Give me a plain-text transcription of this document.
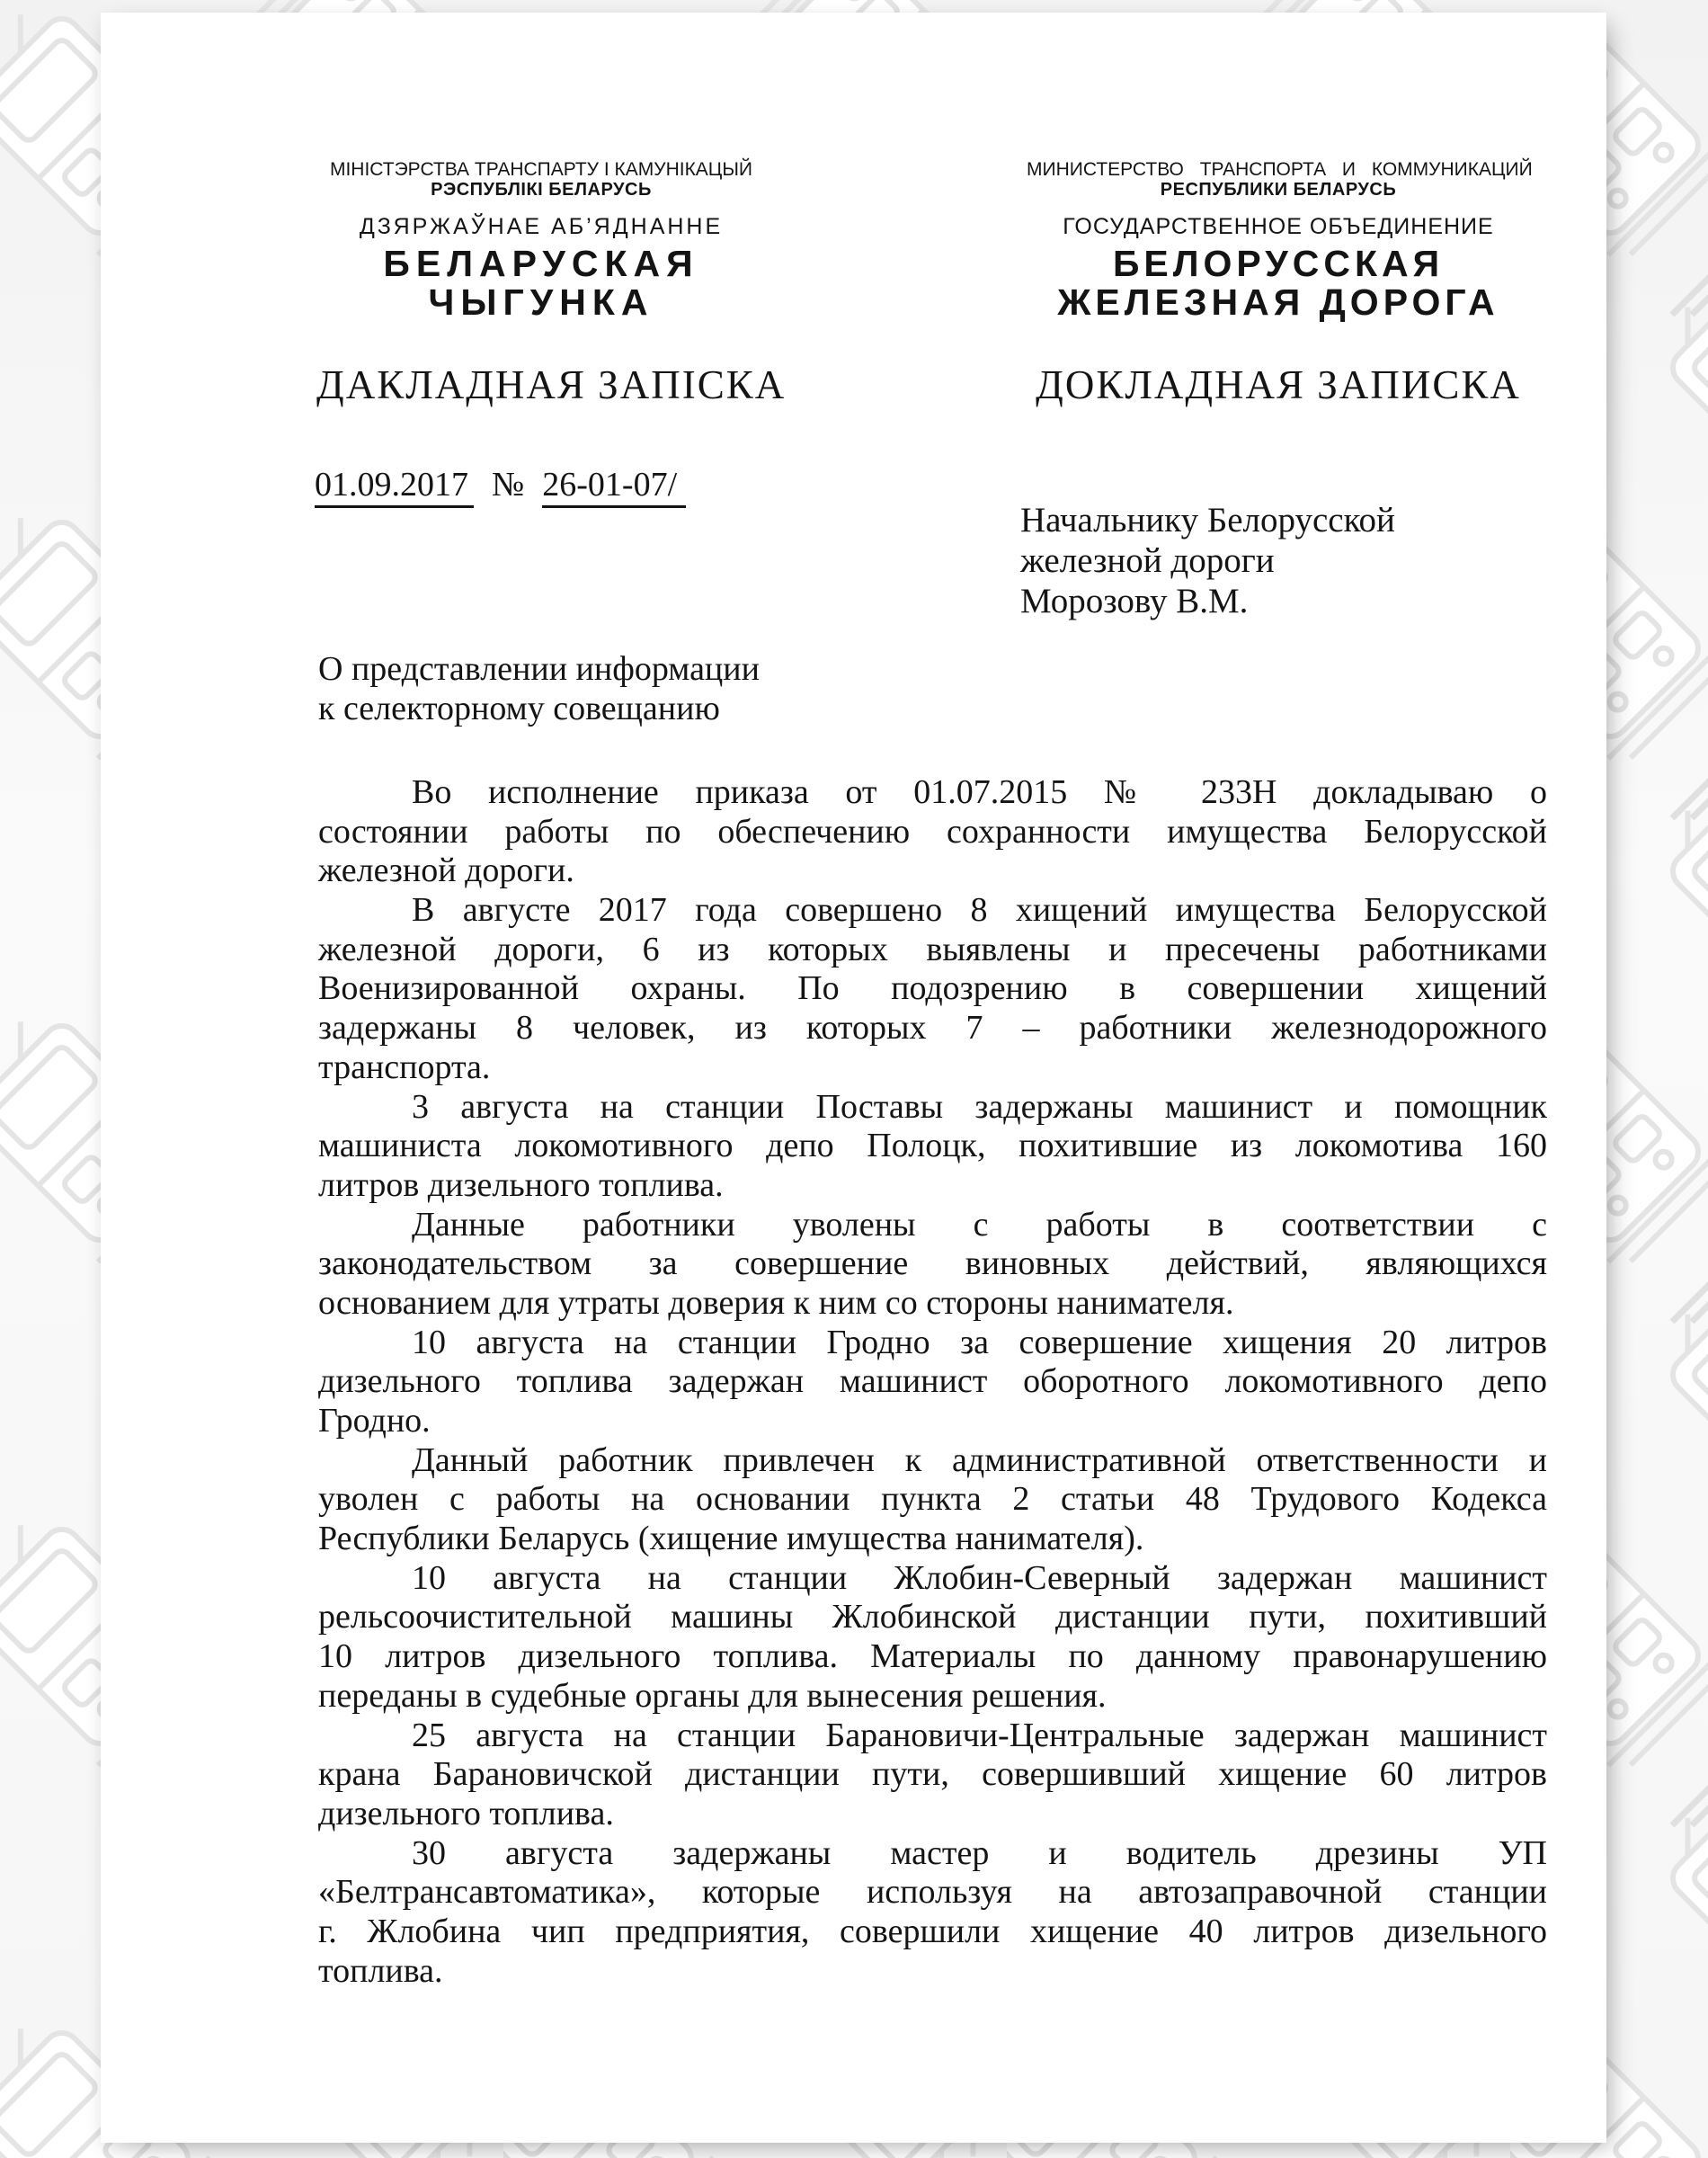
МІНІСТЭРСТВА ТРАНСПАРТУ І КАМУНІКАЦЫЙ
РЭСПУБЛІКІ БЕЛАРУСЬ
ДЗЯРЖАЎНАЕ АБ’ЯДНАННЕ
БЕЛАРУСКАЯ
ЧЫГУНКА
ДАКЛАДНАЯ ЗАПІСКА
МИНИСТЕРСТВО ТРАНСПОРТА И КОММУНИКАЦИЙ
РЕСПУБЛИКИ БЕЛАРУСЬ
ГОСУДАРСТВЕННОЕ ОБЪЕДИНЕНИЕ
БЕЛОРУССКАЯ
ЖЕЛЕЗНАЯ ДОРОГА
ДОКЛАДНАЯ ЗАПИСКА
01.09.2017 № 26-01-07/
Начальнику Белорусской
железной дороги
Морозову В.М.
О представлении информации
к селекторному совещанию
Во исполнение приказа от 01.07.2015 № 233Н докладываю о
состоянии работы по обеспечению сохранности имущества Белорусской
железной дороги.
В августе 2017 года совершено 8 хищений имущества Белорусской
железной дороги, 6 из которых выявлены и пресечены работниками
Военизированной охраны. По подозрению в совершении хищений
задержаны 8 человек, из которых 7 – работники железнодорожного
транспорта.
3 августа на станции Поставы задержаны машинист и помощник
машиниста локомотивного депо Полоцк, похитившие из локомотива 160
литров дизельного топлива.
Данные работники уволены с работы в соответствии с
законодательством за совершение виновных действий, являющихся
основанием для утраты доверия к ним со стороны нанимателя.
10 августа на станции Гродно за совершение хищения 20 литров
дизельного топлива задержан машинист оборотного локомотивного депо
Гродно.
Данный работник привлечен к административной ответственности и
уволен с работы на основании пункта 2 статьи 48 Трудового Кодекса
Республики Беларусь (хищение имущества нанимателя).
10 августа на станции Жлобин-Северный задержан машинист
рельсоочистительной машины Жлобинской дистанции пути, похитивший
10 литров дизельного топлива. Материалы по данному правонарушению
переданы в судебные органы для вынесения решения.
25 августа на станции Барановичи-Центральные задержан машинист
крана Барановичской дистанции пути, совершивший хищение 60 литров
дизельного топлива.
30 августа задержаны мастер и водитель дрезины УП
«Белтрансавтоматика», которые используя на автозаправочной станции
г. Жлобина чип предприятия, совершили хищение 40 литров дизельного
топлива.
